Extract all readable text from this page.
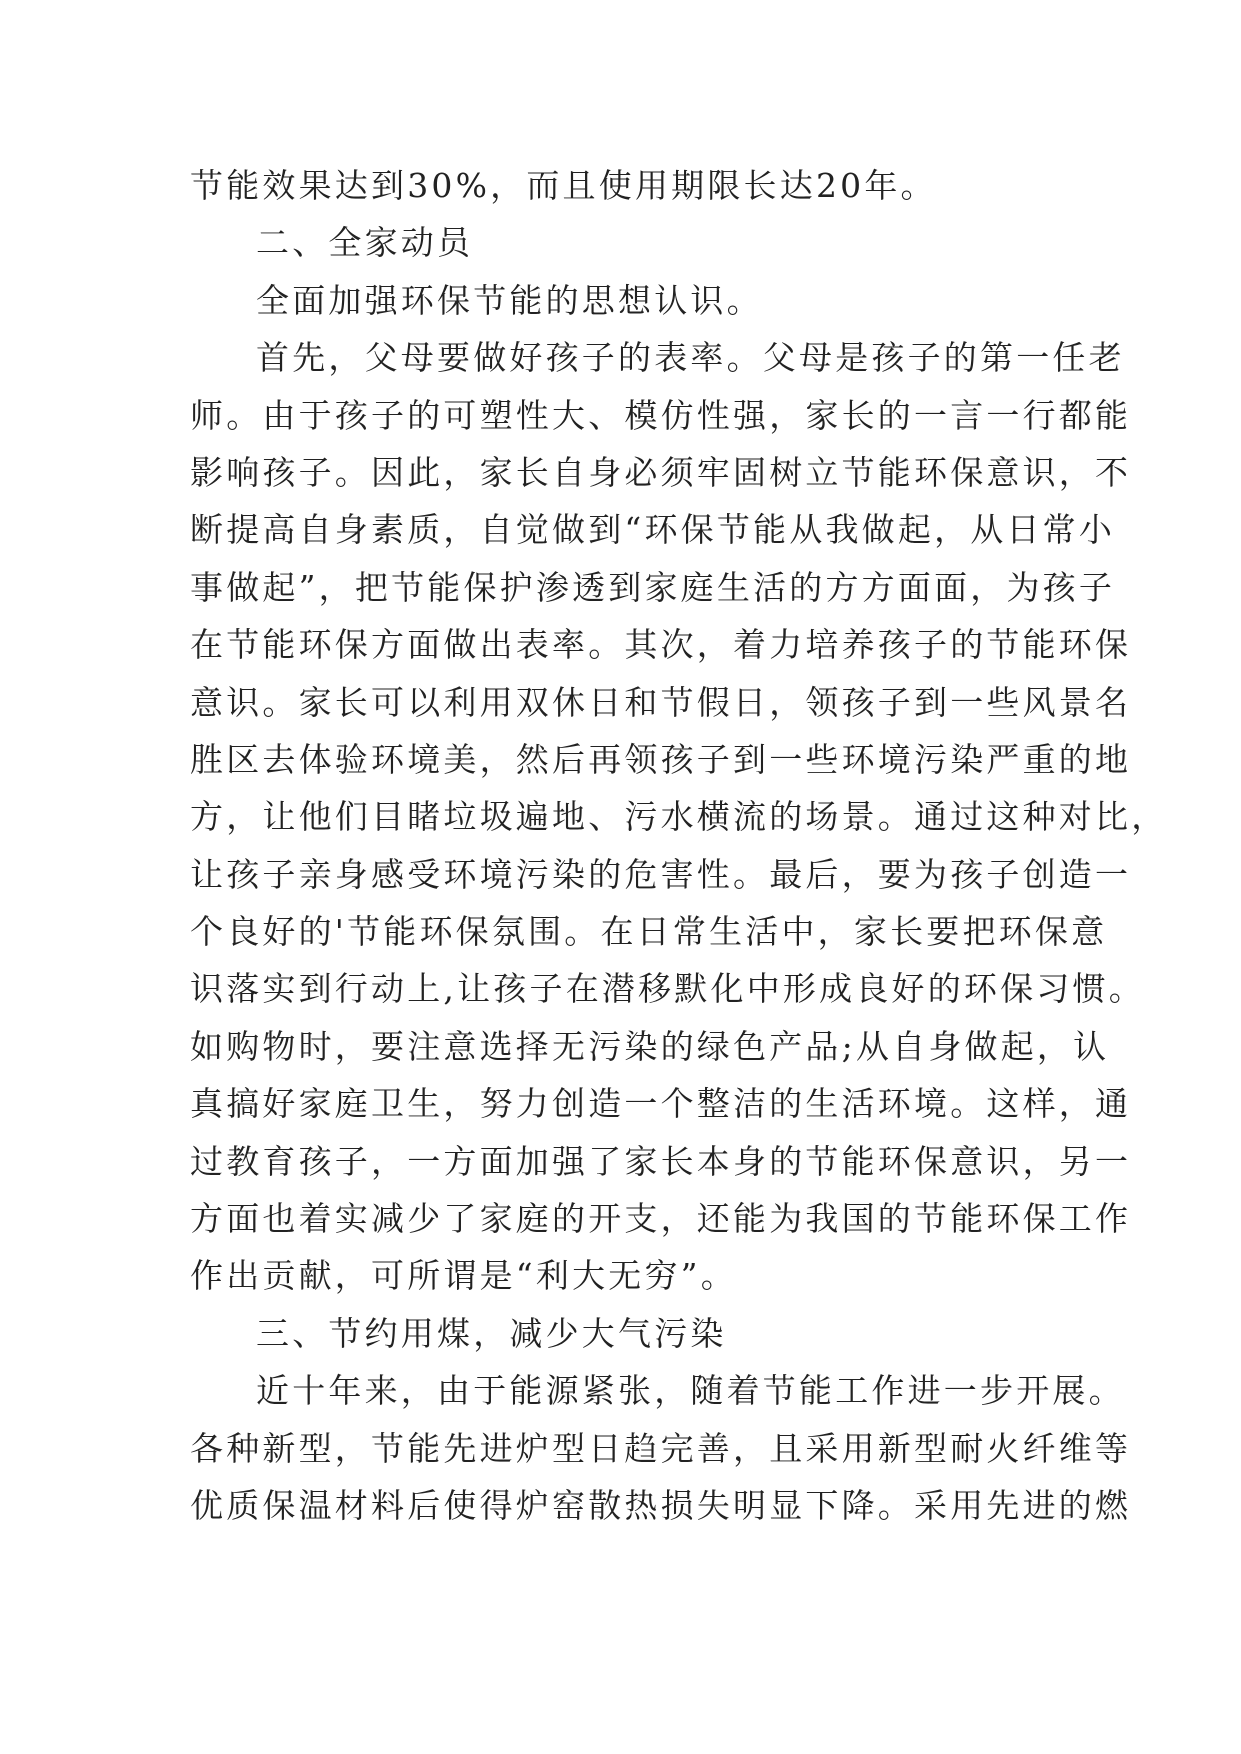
节能效果达到30%，而且使用期限长达20年。
二、全家动员
全面加强环保节能的思想认识。
首先，父母要做好孩子的表率。父母是孩子的第一任老
师。由于孩子的可塑性大、模仿性强，家长的一言一行都能
影响孩子。因此，家长自身必须牢固树立节能环保意识，不
断提高自身素质，自觉做到“环保节能从我做起，从日常小
事做起”，把节能保护渗透到家庭生活的方方面面，为孩子
在节能环保方面做出表率。其次，着力培养孩子的节能环保
意识。家长可以利用双休日和节假日，领孩子到一些风景名
胜区去体验环境美，然后再领孩子到一些环境污染严重的地
方，让他们目睹垃圾遍地、污水横流的场景。通过这种对比，
让孩子亲身感受环境污染的危害性。最后，要为孩子创造一
个良好的'节能环保氛围。在日常生活中，家长要把环保意
识落实到行动上,让孩子在潜移默化中形成良好的环保习惯。
如购物时，要注意选择无污染的绿色产品;从自身做起，认
真搞好家庭卫生，努力创造一个整洁的生活环境。这样，通
过教育孩子，一方面加强了家长本身的节能环保意识，另一
方面也着实减少了家庭的开支，还能为我国的节能环保工作
作出贡献，可所谓是“利大无穷”。
三、节约用煤，减少大气污染
近十年来，由于能源紧张，随着节能工作进一步开展。
各种新型，节能先进炉型日趋完善，且采用新型耐火纤维等
优质保温材料后使得炉窑散热损失明显下降。采用先进的燃
